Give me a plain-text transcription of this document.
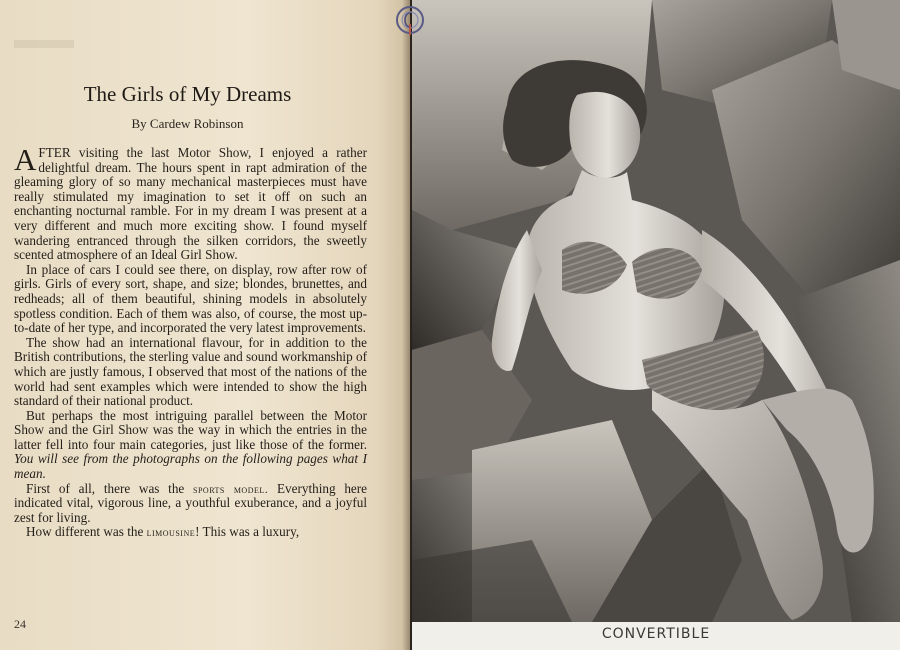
The Girls of My Dreams
By Cardew Robinson

AFTER visiting the last Motor Show, I enjoyed a rather delightful dream. The hours spent in rapt admiration of the gleaming glory of so many mechanical masterpieces must have really stimulated my imagination to set it off on such an enchanting nocturnal ramble. For in my dream I was present at a very different and much more exciting show. I found myself wandering entranced through the silken corridors, the sweetly scented atmosphere of an Ideal Girl Show.

In place of cars I could see there, on display, row after row of girls. Girls of every sort, shape, and size; blondes, brunettes, and redheads; all of them beautiful, shining models in absolutely spotless condition. Each of them was also, of course, the most up-to-date of her type, and incorporated the very latest improvements.

The show had an international flavour, for in addition to the British contributions, the sterling value and sound workmanship of which are justly famous, I observed that most of the nations of the world had sent examples which were intended to show the high standard of their national product.

But perhaps the most intriguing parallel between the Motor Show and the Girl Show was the way in which the entries in the latter fell into four main categories, just like those of the former. You will see from the photographs on the following pages what I mean.

First of all, there was the sports model. Everything here indicated vital, vigorous line, a youthful exuberance, and a joyful zest for living.

How different was the limousine! This was a luxury,

24
CONVERTIBLE
